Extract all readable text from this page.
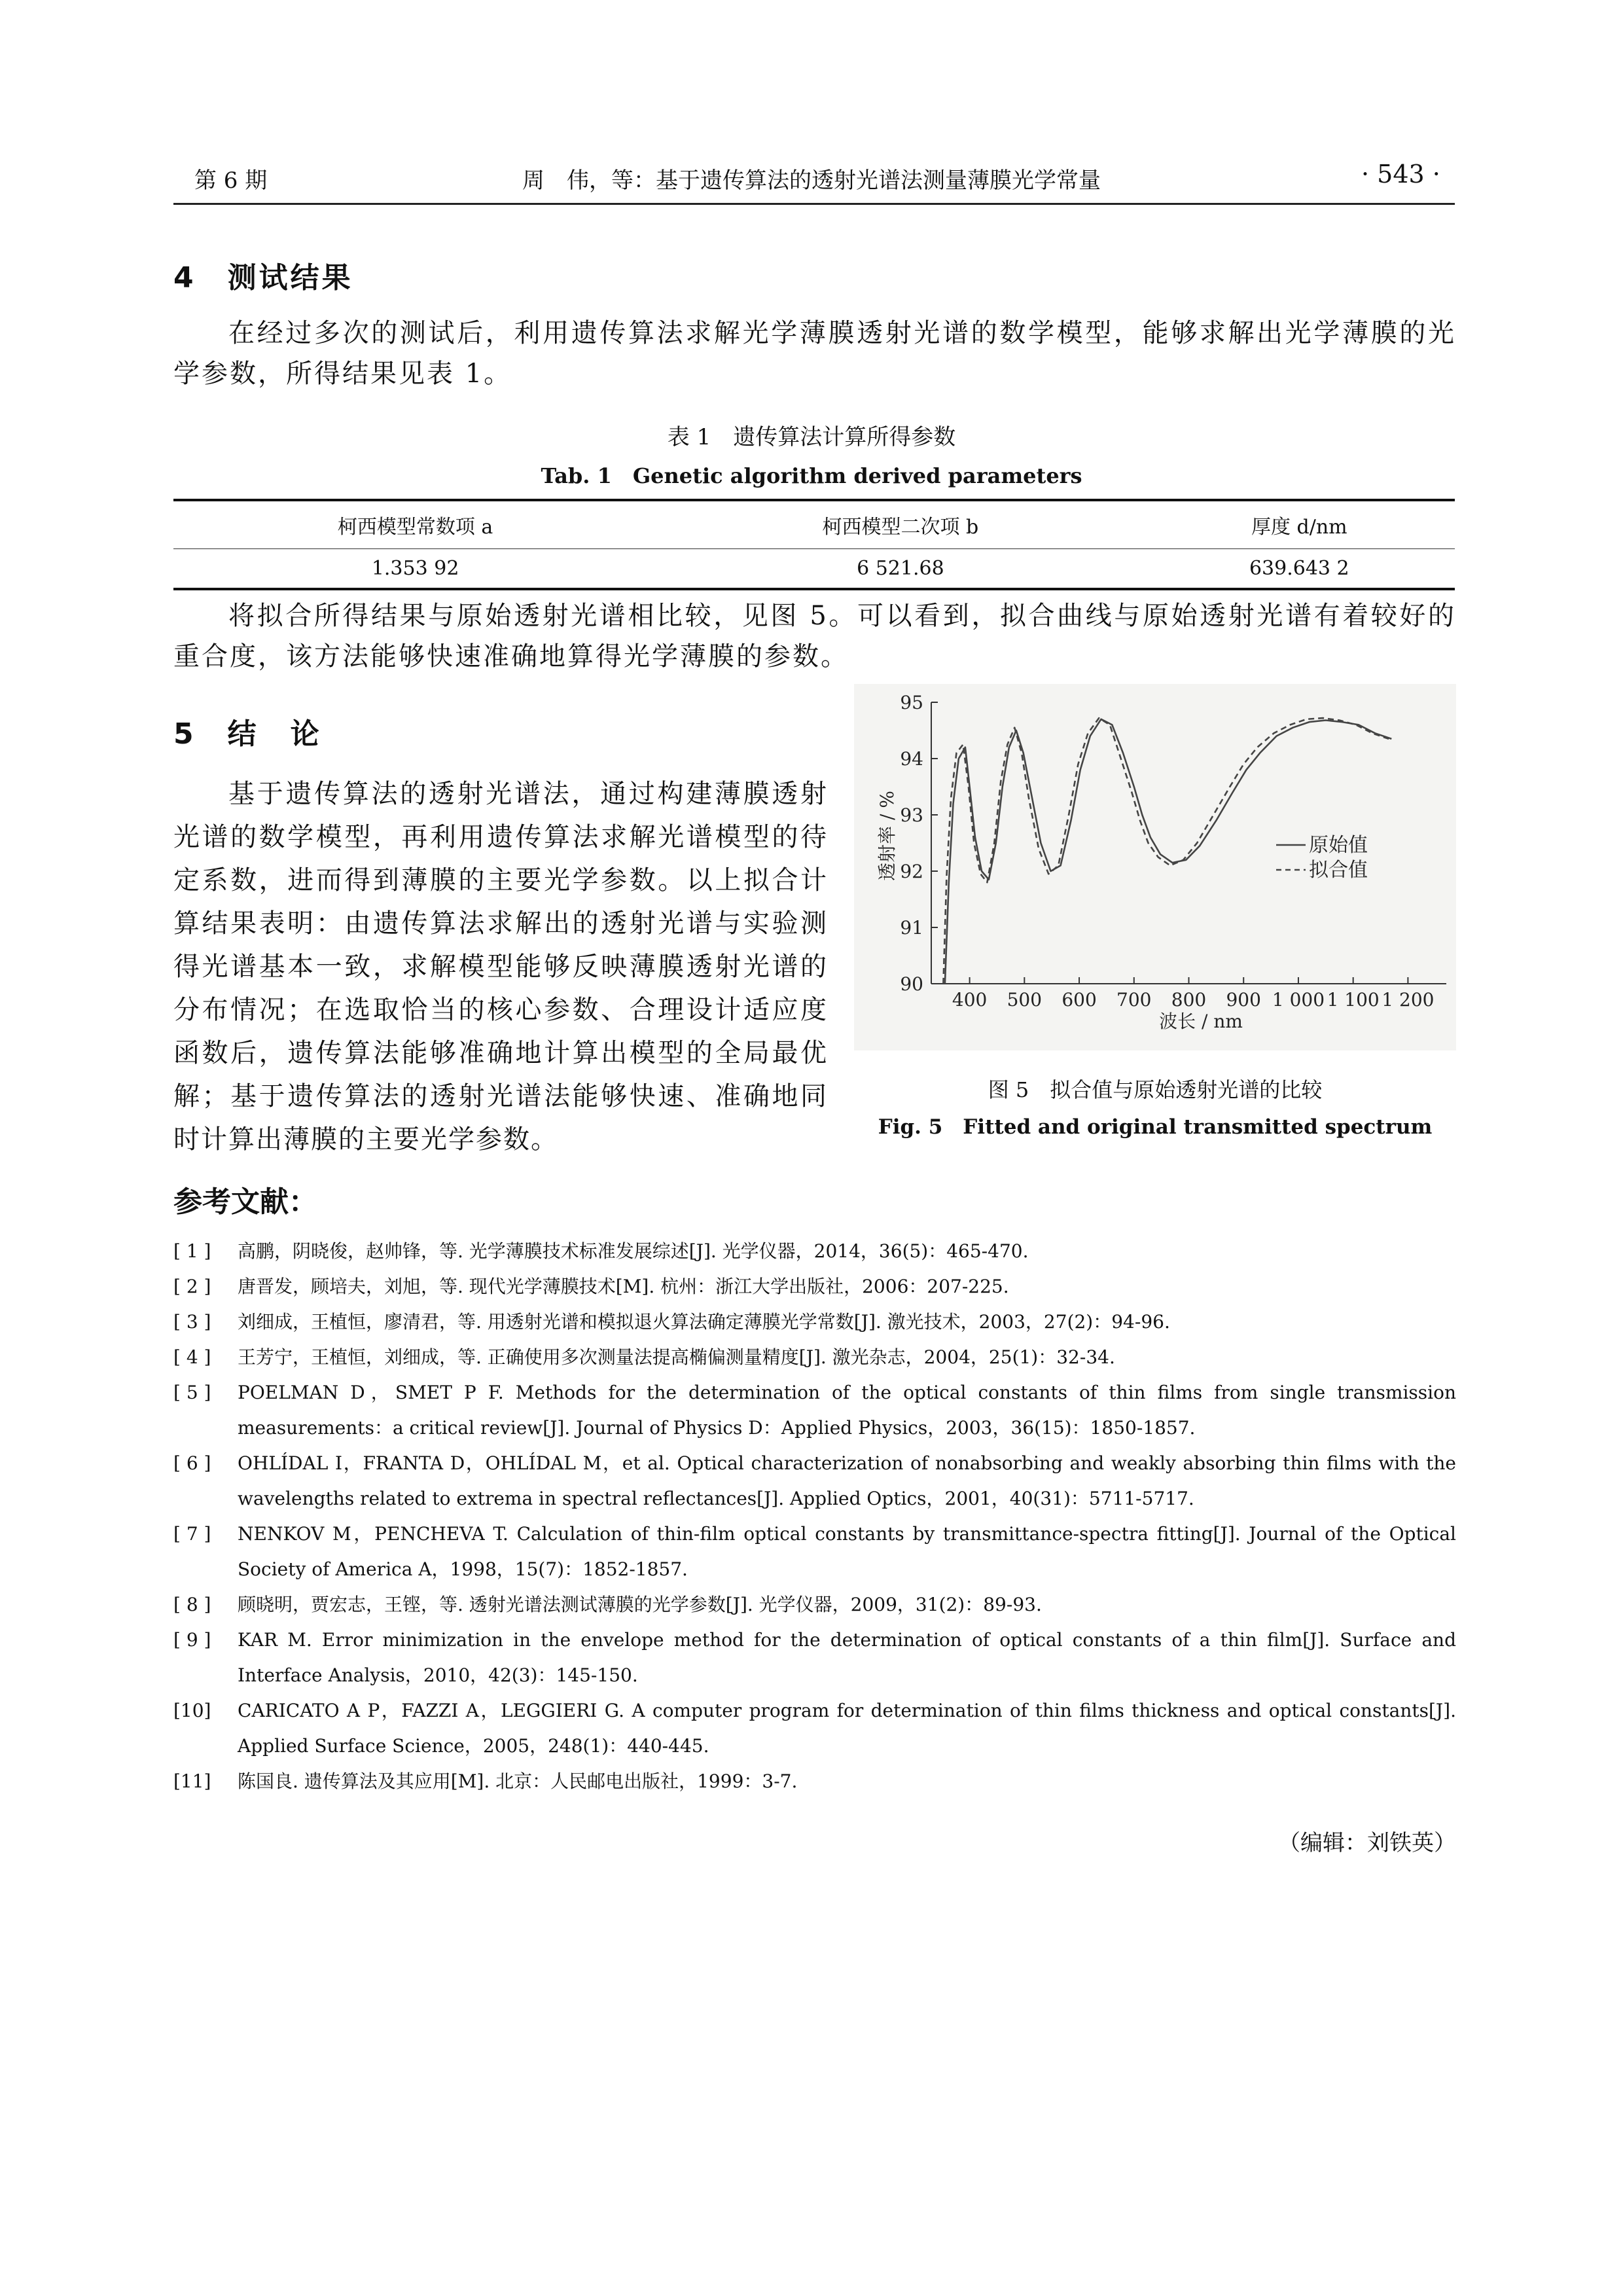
第 6 期	周　伟，等：基于遗传算法的透射光谱法测量薄膜光学常量	· 543 ·
4　测试结果
在经过多次的测试后，利用遗传算法求解光学薄膜透射光谱的数学模型，能够求解出光学薄膜的光学参数，所得结果见表 1。
表 1　遗传算法计算所得参数
Tab. 1　Genetic algorithm derived parameters
柯西模型常数项 a	柯西模型二次项 b	厚度 d/nm
1.353 92	6 521.68	639.643 2
将拟合所得结果与原始透射光谱相比较，见图 5。可以看到，拟合曲线与原始透射光谱有着较好的重合度，该方法能够快速准确地算得光学薄膜的参数。
5　结　论
基于遗传算法的透射光谱法，通过构建薄膜透射光谱的数学模型，再利用遗传算法求解光谱模型的待定系数，进而得到薄膜的主要光学参数。以上拟合计算结果表明：由遗传算法求解出的透射光谱与实验测得光谱基本一致，求解模型能够反映薄膜透射光谱的分布情况；在选取恰当的核心参数、合理设计适应度函数后，遗传算法能够准确地计算出模型的全局最优解；基于遗传算法的透射光谱法能够快速、准确地同时计算出薄膜的主要光学参数。
90
91
92
93
94
95
400 500 600 700 800 900 1 000 1 100 1 200
原始值
拟合值
波长 / nm
透射率 / %
图 5　拟合值与原始透射光谱的比较
Fig. 5　Fitted and original transmitted spectrum
参考文献：
[ 1 ]	高鹏，阴晓俊，赵帅锋，等. 光学薄膜技术标准发展综述[J]. 光学仪器，2014，36(5)：465-470.
[ 2 ]	唐晋发，顾培夫，刘旭，等. 现代光学薄膜技术[M]. 杭州：浙江大学出版社，2006：207-225.
[ 3 ]	刘细成，王植恒，廖清君，等. 用透射光谱和模拟退火算法确定薄膜光学常数[J]. 激光技术，2003，27(2)：94-96.
[ 4 ]	王芳宁，王植恒，刘细成，等. 正确使用多次测量法提高椭偏测量精度[J]. 激光杂志，2004，25(1)：32-34.
[ 5 ]	POELMAN D，SMET P F. Methods for the determination of the optical constants of thin films from single transmission measurements：a critical review[J]. Journal of Physics D：Applied Physics，2003，36(15)：1850-1857.
[ 6 ]	OHLÍDAL I，FRANTA D，OHLÍDAL M，et al. Optical characterization of nonabsorbing and weakly absorbing thin films with the wavelengths related to extrema in spectral reflectances[J]. Applied Optics，2001，40(31)：5711-5717.
[ 7 ]	NENKOV M，PENCHEVA T. Calculation of thin-film optical constants by transmittance-spectra fitting[J]. Journal of the Optical Society of America A，1998，15(7)：1852-1857.
[ 8 ]	顾晓明，贾宏志，王铿，等. 透射光谱法测试薄膜的光学参数[J]. 光学仪器，2009，31(2)：89-93.
[ 9 ]	KAR M. Error minimization in the envelope method for the determination of optical constants of a thin film[J]. Surface and Interface Analysis，2010，42(3)：145-150.
[10]	CARICATO A P，FAZZI A，LEGGIERI G. A computer program for determination of thin films thickness and optical constants[J]. Applied Surface Science，2005，248(1)：440-445.
[11]	陈国良. 遗传算法及其应用[M]. 北京：人民邮电出版社，1999：3-7.
（编辑：刘铁英）
